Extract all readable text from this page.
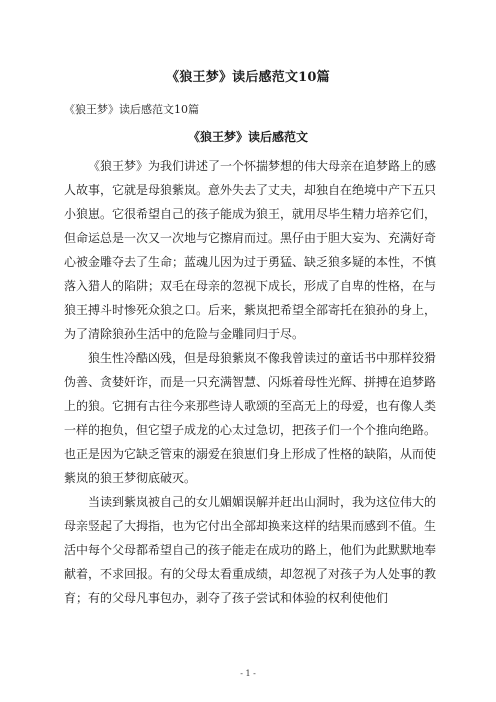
《狼王梦》读后感范文10篇
《狼王梦》读后感范文10篇
《狼王梦》读后感范文

《狼王梦》为我们讲述了一个怀揣梦想的伟大母亲在追梦路上的感人故事，它就是母狼紫岚。意外失去了丈夫，却独自在绝境中产下五只小狼崽。它很希望自己的孩子能成为狼王，就用尽毕生精力培养它们，但命运总是一次又一次地与它擦肩而过。黑仔由于胆大妄为、充满好奇心被金雕夺去了生命；蓝魂儿因为过于勇猛、缺乏狼多疑的本性，不慎落入猎人的陷阱；双毛在母亲的忽视下成长，形成了自卑的性格，在与狼王搏斗时惨死众狼之口。后来，紫岚把希望全部寄托在狼孙的身上，为了清除狼孙生活中的危险与金雕同归于尽。

狼生性冷酷凶残，但是母狼紫岚不像我曾读过的童话书中那样狡猾伪善、贪婪奸诈，而是一只充满智慧、闪烁着母性光辉、拼搏在追梦路上的狼。它拥有古往今来那些诗人歌颂的至高无上的母爱，也有像人类一样的抱负，但它望子成龙的心太过急切，把孩子们一个个推向绝路。也正是因为它缺乏管束的溺爱在狼崽们身上形成了性格的缺陷，从而使紫岚的狼王梦彻底破灭。

当读到紫岚被自己的女儿媚媚误解并赶出山洞时，我为这位伟大的母亲竖起了大拇指，也为它付出全部却换来这样的结果而感到不值。生活中每个父母都希望自己的孩子能走在成功的路上，他们为此默默地奉献着，不求回报。有的父母太看重成绩，却忽视了对孩子为人处事的教育；有的父母凡事包办，剥夺了孩子尝试和体验的权利使他们

- 1 -
